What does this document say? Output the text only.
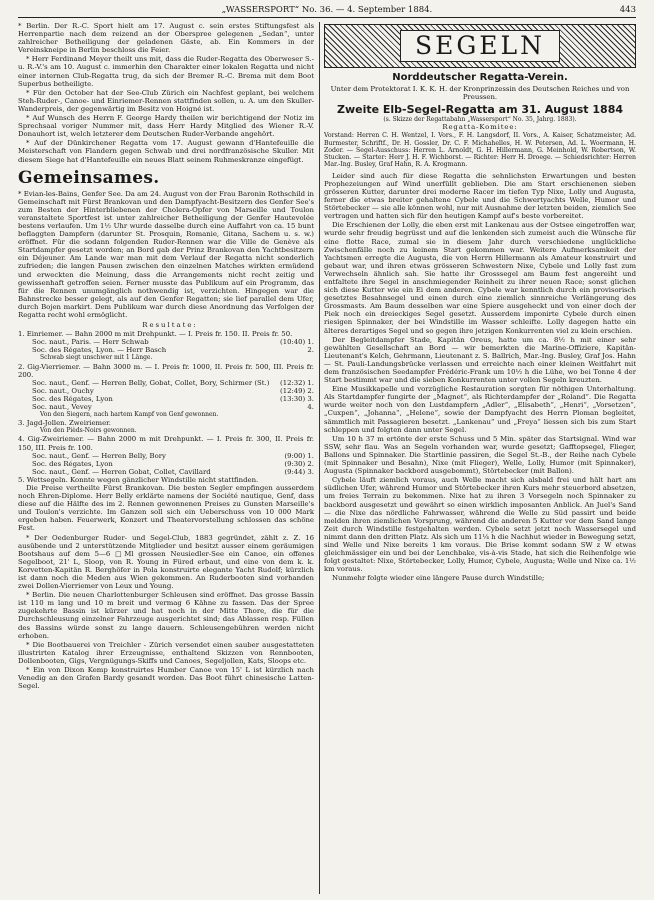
„WASSERSPORT“ No. 36. — 4. September 1884.	443

* Berlin. Der R.-C. Sport hielt am 17. August c. sein erstes Stiftungsfest als Herrenpartie nach dem reizend an der Oberspree gelegenen „Sedan“, unter zahlreicher Betheiligung der geladenen Gäste, ab. Ein Kommers in der Vereinskneipe in Berlin beschloss die Feier.

* Herr Ferdinand Meyer theilt uns mit, dass die Ruder-Regatta des Oberweser S.- u. R.-V.'s am 10. August c. immerhin den Charakter einer lokalen Regatta und nicht einer internen Club-Regatta trug, da sich der Bremer R.-C. Brema mit dem Boot Superbus betheiligte.

* Für den October hat der See-Club Zürich ein Nachfest geplant, bei welchem Steh-Ruder-, Canoe- und Einriemer-Rennen stattfinden sollen, u. A. um den Skuller-Wanderpreis, der gegenwärtig im Besitz von Hoigné ist.

* Auf Wunsch des Herrn F. George Hardy theilen wir berichtigend der Notiz im Sprechsaal voriger Nummer mit, dass Herr Hardy Mitglied des Wiener R.-V. Donauhort ist, welch letzterer dem Deutschen Ruder-Verbande angehört.

* Auf der Dünkirchener Regatta vom 17. August gewann d'Hantefeuille die Meisterschaft von Flandern gegen Schwab und drei nordfranzösische Skuller. Mit diesem Siege hat d'Hantefeuille ein neues Blatt seinem Ruhmeskranze eingefügt.

Gemeinsames.

* Evian-les-Bains, Genfer See. Da am 24. August von der Frau Baronin Rothschild in Gemeinschaft mit Fürst Brankovan und den Dampfyacht-Besitzern des Genfer See's zum Besten der Hinterbliebenen der Cholera-Opfer von Marseille und Toulon veranstaltete Sportfest ist unter zahlreicher Betheiligung der Genfer Hautevolée bestens verlaufen. Um 1½ Uhr wurde dasselbe durch eine Auffahrt von ca. 15 bunt beflaggten Dampfern (darunter St. Prosquin, Romanie, Gitana, Sachem u. s. w.) eröffnet. Für die sodann folgenden Ruder-Rennen war die Ville de Genève als Startdampfer gesetzt worden; an Bord gab der Prinz Brankovan den Yachtbesitzern ein Déjeuner. Am Lande war man mit dem Verlauf der Regatta nicht sonderlich zufrieden; die langen Pausen zwischen den einzelnen Matches wirkten ermüdend und erweckten die Meinung, dass die Arrangements nicht recht zeitig und gewissenhaft getroffen seien. Ferner musste das Publikum auf ein Programm, das für die Rennen unumgänglich nothwendig ist, verzichten. Hingegen war die Bahnstrecke besser gelegt, als auf den Genfer Regatten; sie lief parallel dem Ufer, durch Bojen markirt. Dem Publikum war durch diese Anordnung das Verfolgen der Regatta recht wohl ermöglicht.

Resultate:

1. Einriemer. — Bahn 2000 m mit Drehpunkt. — I. Preis fr. 150. II. Preis fr. 50.

Soc. naut., Paris. — Herr Schwab	(10:40) 1.
Soc. des Régates, Lyon. — Herr Basch	2.

Schwab siegt unschwer mit 1 Länge.

2. Gig-Vierriemer. — Bahn 3000 m. — I. Preis fr. 1000, II. Preis fr. 500, III. Preis fr. 200.

Soc. naut., Genf. — Herren Belly, Gobat, Collet, Bory, Schirmer (St.) (12:32) 1.
Soc. naut., Ouchy	(12:49) 2.
Soc. des Régates, Lyon	(13:30) 3.
Soc. naut., Vevey	4.

Von den Siegern, nach hartem Kampf von Genf gewonnen.

3. Jagd-Jollen. Zweiriemer.

Von den Pièds-Noirs gewonnen.

4. Gig-Zweiriemer. — Bahn 2000 m mit Drehpunkt. — I. Preis fr. 300, II. Preis fr. 150, III. Preis fr. 100.

Soc. naut., Genf. — Herren Belly, Bory	(9:00) 1.
Soc. des Régates, Lyon	(9:30) 2.
Soc. naut., Genf. — Herren Gobat, Collet, Cavillard	(9:44) 3.

5. Wettsegeln. Konnte wegen gänzlicher Windstille nicht stattfinden.

Die Preise vertheilte Fürst Brankovan. Die besten Segler empfingen ausserdem noch Ehren-Diplome. Herr Belly erklärte namens der Société nautique, Genf, dass diese auf die Hälfte des im 2. Rennen gewonnenen Preises zu Gunsten Marseille's und Toulon's verzichte. Im Ganzen soll sich ein Ueberschuss von 10 000 Mark ergeben haben. Feuerwerk, Konzert und Theatervorstellung schlossen das schöne Fest.

* Der Oedenburger Ruder- und Segel-Club, 1883 gegründet, zählt z. Z. 16 ausübende und 2 unterstützende Mitglieder und besitzt ausser einem geräumigen Bootshaus auf dem 5—6 □Ml grossen Neusiedler-See ein Canoe, ein offenes Segelboot, 21' L, Sloop, von R. Young in Füred erbaut, und eine von dem k. k. Korvetten-Kapitän R. Berghöfer in Pola konstruirte elegante Yacht Rudolf; kürzlich ist dann noch die Meden aus Wien gekommen. An Ruderbooten sind vorhanden zwei Dollen-Vierriemer von Leux und Young.

* Berlin. Die neuen Charlottenburger Schleusen sind eröffnet. Das grosse Bassin ist 110 m lang und 10 m breit und vermag 6 Kähne zu fassen. Das der Spree zugekehrte Bassin ist kürzer und hat noch in der Mitte Thore, die für die Durchschleusung einzelner Fahrzeuge ausgerichtet sind; das Ablassen resp. Füllen des Bassins würde sonst zu lange dauern. Schleusengebühren werden nicht erhoben.

* Die Bootbauerei von Treichler - Zürich versendet einen sauber ausgestatteten illustrirten Katalog ihrer Erzeugnisse, enthaltend Skizzen von Rennbooten, Dollenbooten, Gigs, Vergnügungs-Skiffs und Canoes, Segeljollen, Kats, Sloops etc.

* Ein von Dixon Kemp konstruirtes Humber Canoe von 15' L ist kürzlich nach Venedig an den Grafen Bardy gesandt worden. Das Boot führt chinesische Latten-Segel.

SEGELN
Norddeutscher Regatta-Verein.

Unter dem Protektorat I. K. K. H. der Kronprinzessin des Deutschen Reiches und von Preussen.

Zweite Elb-Segel-Regatta am 31. August 1884

(s. Skizze der Regattabahn „Wassersport“ No. 35, Jahrg. 1883).

Regatta-Komitee:

Vorstand: Herren C. H. Wentzel, I. Vors., F. H. Langsdorf, II. Vors., A. Kaiser, Schatzmeister, Ad. Burmester, Schriftf., Dr. H. Gossler, Dr. C. F. Michahelles, H. W. Petersen, Ad. L. Woermann, H. Zoder. — Segel-Ausschuss: Herren L. Arnoldt, G. H. Hillermann, G. Meinhold, W. Robertson, W. Stucken. — Starter: Herr J. H. F. Wichborst. — Richter: Herr H. Droege. — Schiedsrichter: Herren Mar.-Ing. Busley, Graf Hahn, R. A. Krogmann.

Leider sind auch für diese Regatta die sehnlichsten Erwartungen und besten Prophezeiungen auf Wind unerfüllt geblieben. Die am Start erschienenen sieben grösseren Kutter, darunter drei moderne Racer im tiefen Typ Nixe, Lolly und Augusta, ferner die etwas breiter gehaltene Cybele und die Schwertyachts Welle, Humor und Störtebecker — sie alle können wohl, nur mit Ausnahme der letzten beiden, ziemlich See vertragen und hatten sich für den heutigen Kampf auf's beste vorbereitet.

Die Erschienen der Lolly, die eben erst mit Lankenau aus der Ostsee eingetroffen war, wurde sehr freudig begrüsst und auf die lenkenden sich zumeist auch die Wünsche für eine flotte Race, zumal sie in diesem Jahr durch verschiedene unglückliche Zwischenfälle noch zu keinem Start gekommen war. Weitere Aufmerksamkeit der Yachtsmen erregte die Augusta, die von Herrn Hillermann als Amateur konstruirt und gebaut war, und ihren etwas grösseren Schwestern Nixe, Cybele und Lolly fast zum Verwechseln ähnlich sah. Sie hatte ihr Grosssegel am Baum fest angereiht und entfaltete ihre Segel in anschmiegender Reinheit zu ihrer neuen Race; sonst glichen sich diese Kutter wie ein Ei dem anderen. Cybele war kenntlich durch ein provisorisch gesetztes Besahnsegel und einen durch eine ziemlich sinnreiche Verlängerung des Grossmasts. Am Baum desselben war eine Spiere ausgeheckt und von einer doch der Piek noch ein dreieckiges Segel gesetzt. Ausserdem imponirte Cybele durch einen riesigen Spinnaker, der bei Windstille im Wasser schleifte. Lolly dagegen hatte ein älteres derartiges Segel und so gegen ihre jetzigen Konkurrenten viel zu klein erschien.

Der Begleitdampfer Stade, Kapitän Oreus, hatte um ca. 8½ h mit einer sehr gewählten Gesellschaft an Bord — wir bemerkten die Marine-Offiziere, Kapitän-Lieutenant's Kelch, Gehrmann, Lieutenant z. S. Ballrich, Mar.-Ing. Busley, Graf Jos. Hahn — St. Pauli-Landungsbrücke verlassen und erreichte nach einer kleinen Weitfahrt mit dem französischen Seedampfer Frédéric-Frank um 10½ h die Lühe, wo bei Tonne 4 der Start bestimmt war und die sieben Konkurrenten unter vollen Segeln kreuzten.

Eine Musikkapelle und vorzügliche Restauration sorgten für nöthigen Unterhaltung. Als Startdampfer fungirte der „Magnet“, als Richterdampfer der „Roland“. Die Regatta wurde weiter noch von den Lustdampfern „Adler“, „Elisabeth“, „Henri“, „Vorsetzen“, „Cuxpen“, „Johanna“, „Helene“, sowie der Dampfyacht des Herrn Ploman begleitet, sämmtlich mit Passagieren besetzt. „Lankenau“ und „Freya“ liessen sich bis zum Start schleppen und folgten dann unter Segel.

Um 10 h 37 m ertönte der erste Schuss und 5 Min. später das Startsignal. Wind war SSW, sehr flau. Was an Segeln vorhanden war, wurde gesetzt; Gafftopsegel, Flieger, Ballons und Spinnaker. Die Startlinie passiren, die Segel St.-B., der Reihe nach Cybele (mit Spinnaker und Besahn), Nixe (mit Flieger), Welle, Lolly, Humor (mit Spinnaker), Augusta (Spinnaker backbord ausgebommt), Störtebecker (mit Ballon).

Cybele läuft ziemlich voraus, auch Welle macht sich alsbald frei und hält hart am südlichen Ufer, während Humor und Störtebecker ihren Kurs mehr steuerbord absetzen, um freies Terrain zu bekommen. Nixe hat zu ihren 3 Vorsegeln noch Spinnaker zu backbord ausgesetzt und gewährt so einen wirklich imposanten Anblick. An Juel's Sand — die Nixe das nördliche Fahrwasser, während die Welle zu Süd passirt und beide melden ihren ziemlichen Vorsprung, während die anderen 5 Kutter vor dem Sand lange Zeit durch Windstille festgehalten werden. Cybele setzt jetzt noch Wassersegel und nimmt dann den dritten Platz. Als sich um 11¼ h die Nachhut wieder in Bewegung setzt, sind Welle und Nixe bereits 1 km voraus. Die Brise kommt sodann SW z W etwas gleichmässiger ein und bei der Lenchbake, vis-à-vis Stade, hat sich die Reihenfolge wie folgt gestaltet: Nixe, Störtebecker, Lolly, Humor, Cybele, Augusta; Welle und Nixe ca. 1½ km voraus.

Nunmehr folgte wieder eine längere Pause durch Windstille;
